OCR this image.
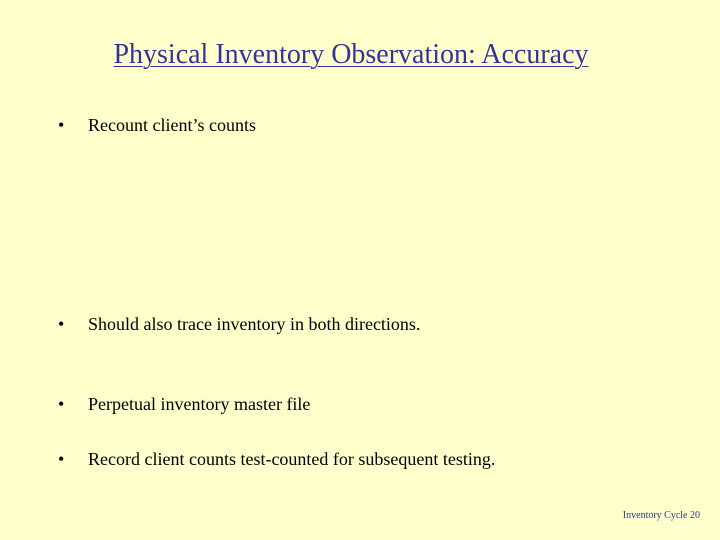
Physical Inventory Observation: Accuracy
• Recount client’s counts
• Should also trace inventory in both directions.
• Perpetual inventory master file
• Record client counts test-counted for subsequent testing.
Inventory Cycle 20
